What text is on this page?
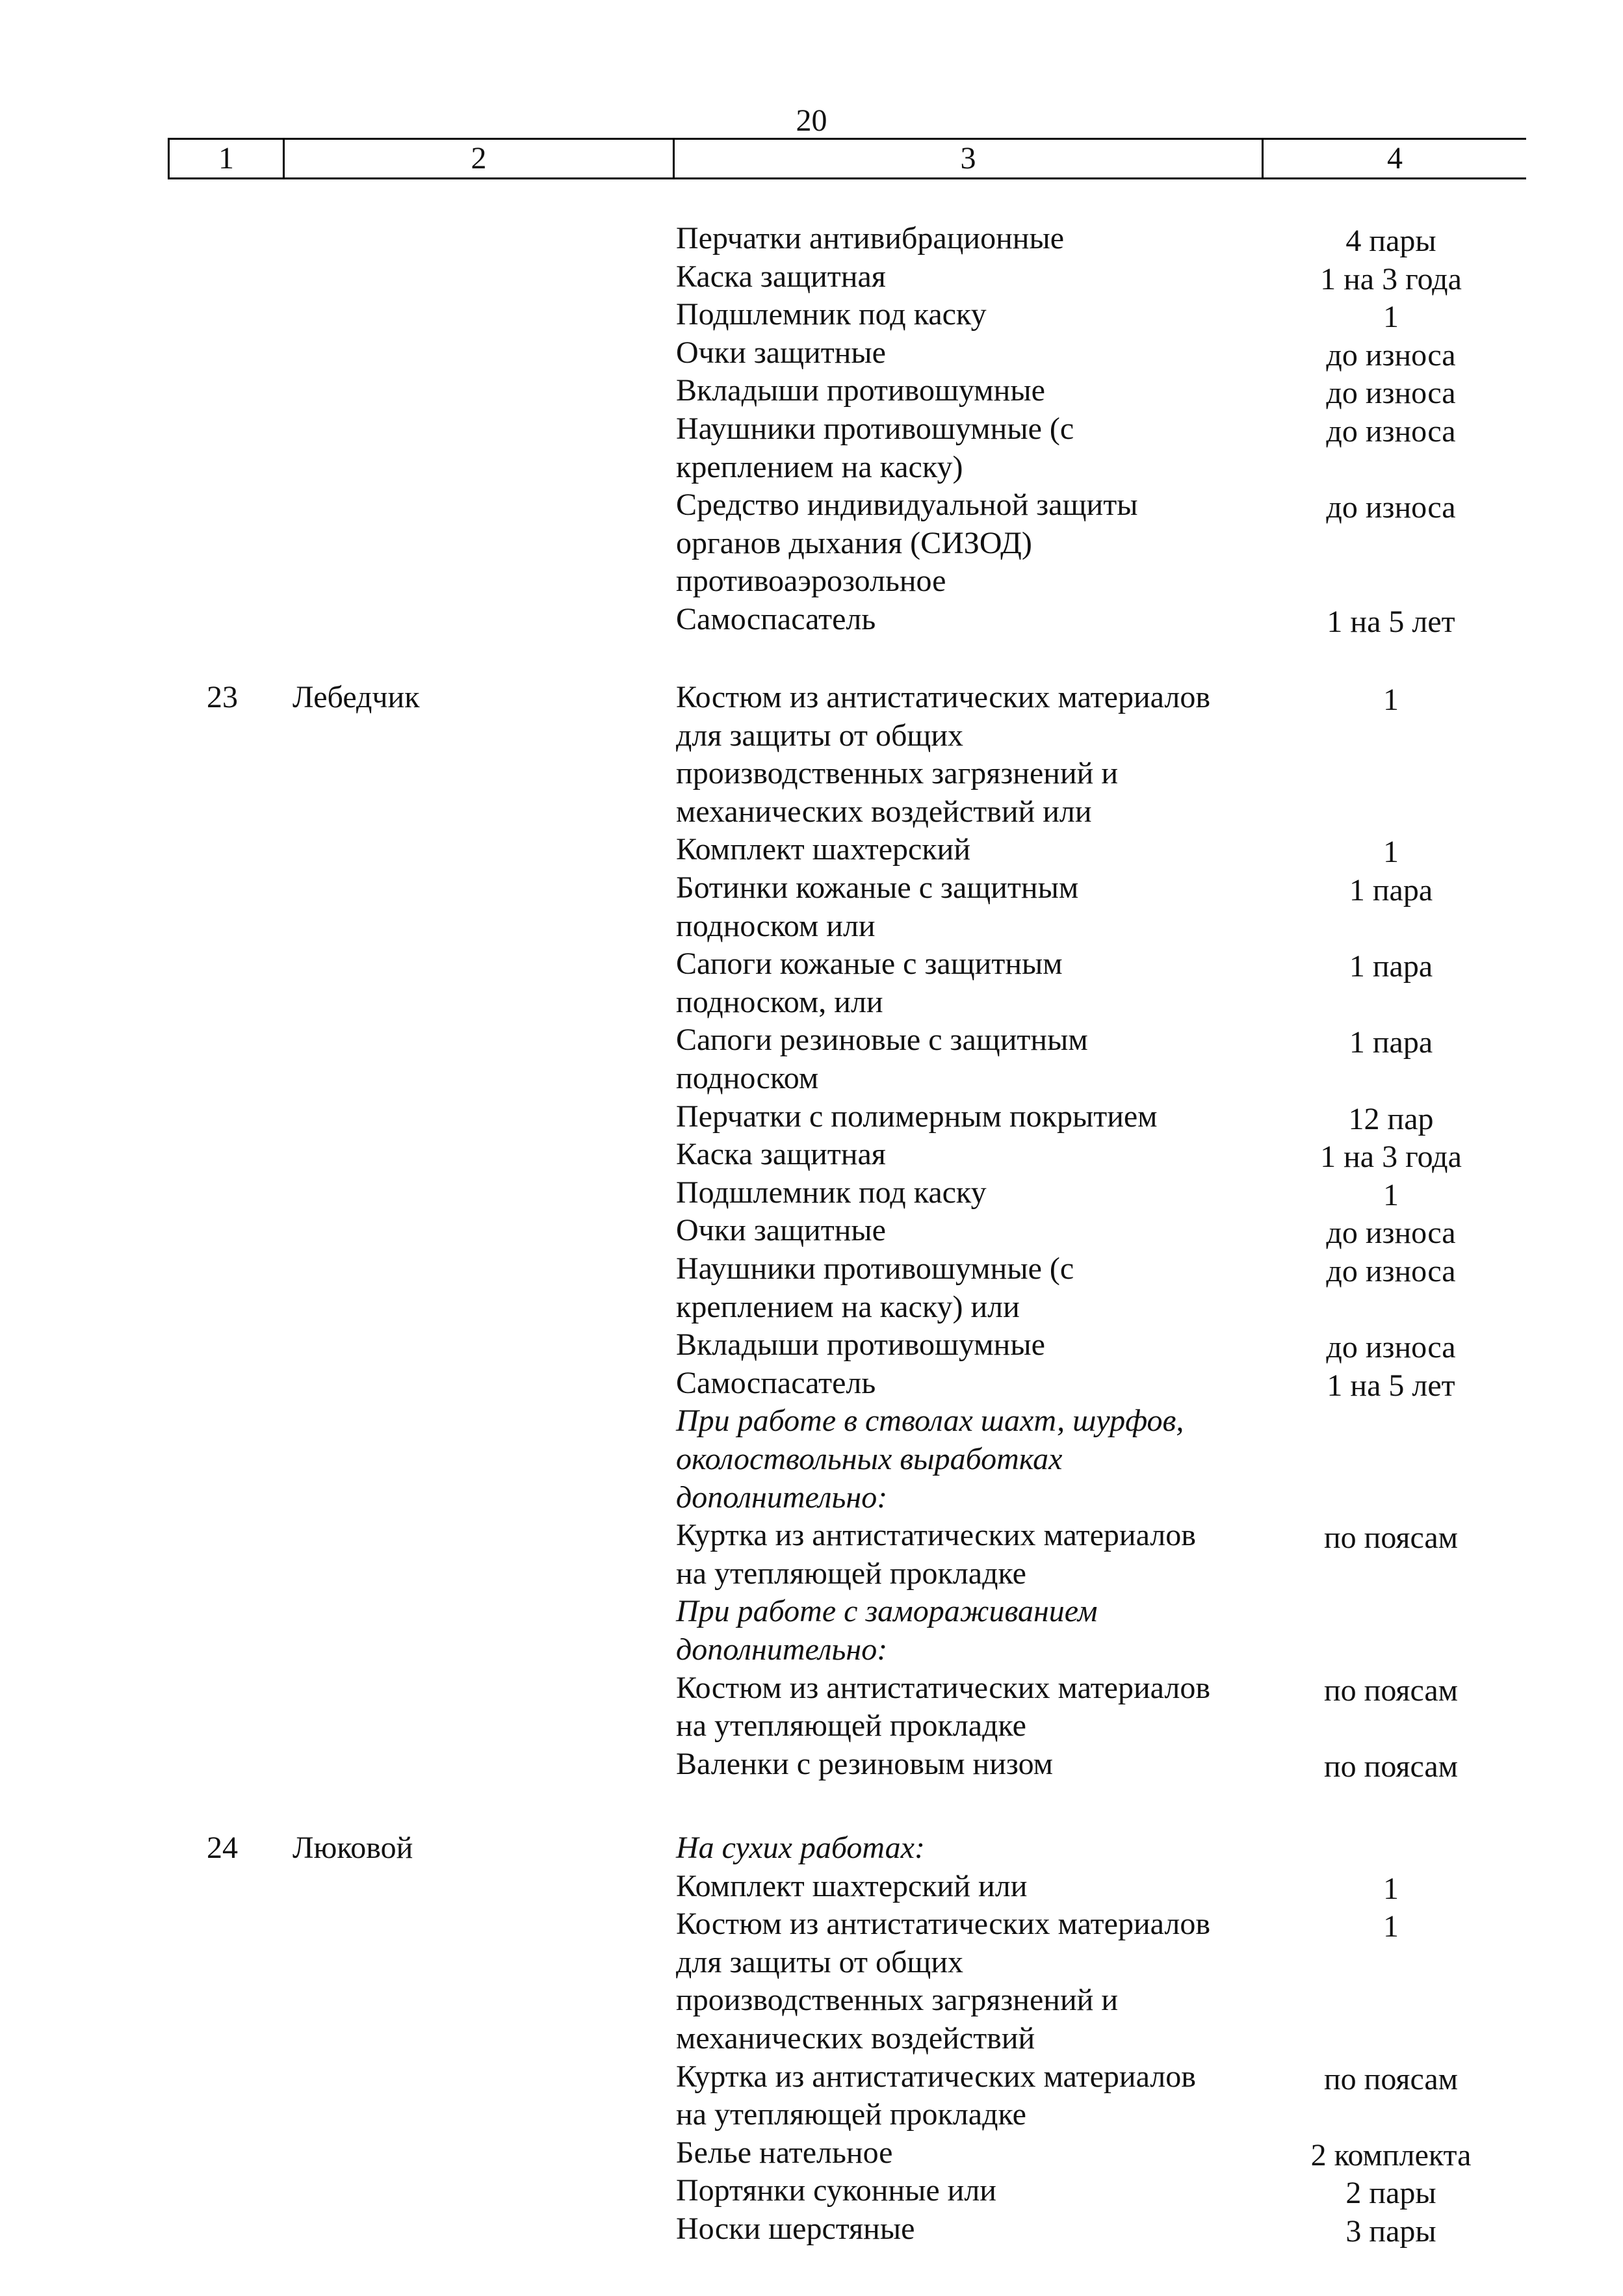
20
1	2	3	4
Перчатки антивибрационные	4 пары
Каска защитная	1 на 3 года
Подшлемник под каску	1
Очки защитные	до износа
Вкладыши противошумные	до износа
Наушники противошумные (с
креплением на каску)
до износа
Средство индивидуальной защиты
органов дыхания (СИЗОД)
противоаэрозольное
до износа
Самоспасатель	1 на 5 лет
23 Лебедчик	Костюм из антистатических материалов
для защиты от общих
производственных загрязнений и
механических воздействий или
1
Комплект шахтерский	1
Ботинки кожаные с защитным
подноском или
1 пара
Сапоги кожаные с защитным
подноском, или
1 пара
Сапоги резиновые с защитным
подноском
1 пара
Перчатки с полимерным покрытием	12 пар
Каска защитная	1 на 3 года
Подшлемник под каску	1
Очки защитные	до износа
Наушники противошумные (с
креплением на каску) или
до износа
Вкладыши противошумные	до износа
Самоспасатель	1 на 5 лет
При работе в стволах шахт, шурфов,
околоствольных выработках
дополнительно:
Куртка из антистатических материалов
на утепляющей прокладке
по поясам
При работе с замораживанием
дополнительно:
Костюм из антистатических материалов
на утепляющей прокладке
по поясам
Валенки с резиновым низом	по поясам
24 Люковой	На сухих работах:
Комплект шахтерский или	1
Костюм из антистатических материалов
для защиты от общих
производственных загрязнений и
механических воздействий
1
Куртка из антистатических материалов
на утепляющей прокладке
по поясам
Белье нательное	2 комплекта
Портянки суконные или	2 пары
Носки шерстяные	3 пары
